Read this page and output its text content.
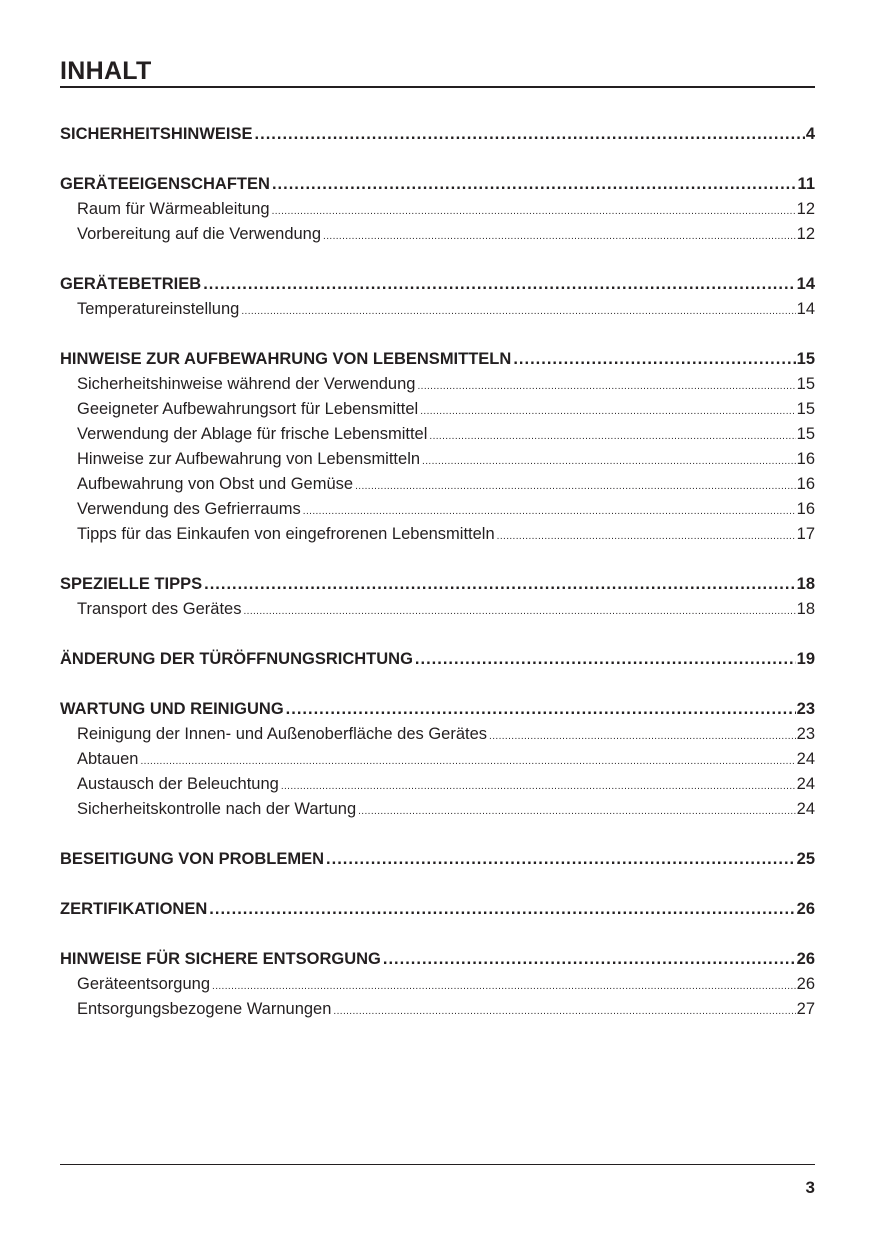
INHALT
SICHERHEITSHINWEISE .....	4
GERÄTEEIGENSCHAFTEN .....	11
Raum für Wärmeableitung .....	12
Vorbereitung auf die Verwendung .....	12
GERÄTEBETRIEB .....	14
Temperatureinstellung .....	14
HINWEISE ZUR AUFBEWAHRUNG VON LEBENSMITTELN .....	15
Sicherheitshinweise während der Verwendung .....	15
Geeigneter Aufbewahrungsort für Lebensmittel .....	15
Verwendung der Ablage für frische Lebensmittel .....	15
Hinweise zur Aufbewahrung von Lebensmitteln .....	16
Aufbewahrung von Obst und Gemüse .....	16
Verwendung des Gefrierraums .....	16
Tipps für das Einkaufen von eingefrorenen Lebensmitteln .....	17
SPEZIELLE TIPPS .....	18
Transport des Gerätes .....	18
ÄNDERUNG DER TÜRÖFFNUNGSRICHTUNG .....	19
WARTUNG UND REINIGUNG .....	23
Reinigung der Innen- und Außenoberfläche des Gerätes .....	23
Abtauen .....	24
Austausch der Beleuchtung .....	24
Sicherheitskontrolle nach der Wartung .....	24
BESEITIGUNG VON PROBLEMEN .....	25
ZERTIFIKATIONEN .....	26
HINWEISE FÜR SICHERE ENTSORGUNG .....	26
Geräteentsorgung .....	26
Entsorgungsbezogene Warnungen .....	27
3
